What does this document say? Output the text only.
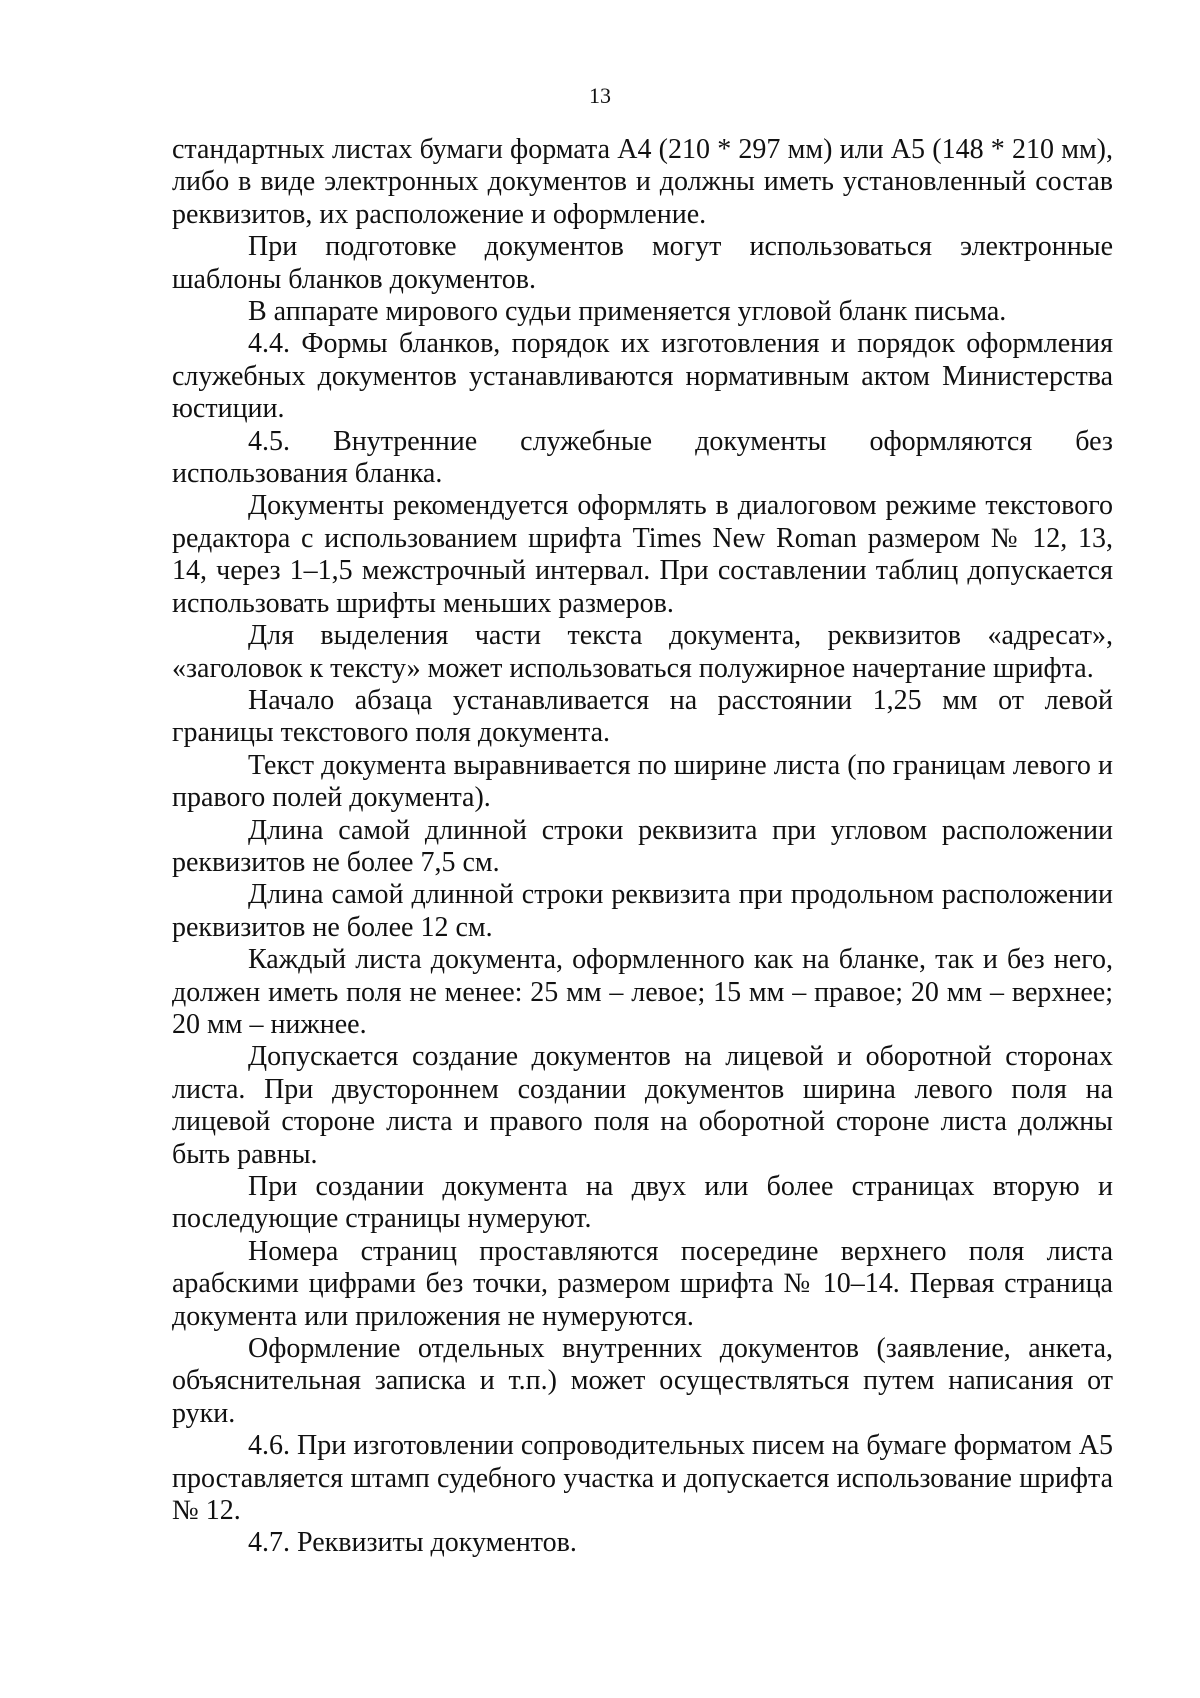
13

стандартных листах бумаги формата А4 (210 * 297 мм) или А5 (148 * 210 мм), либо в виде электронных документов и должны иметь установленный состав реквизитов, их расположение и оформление.

При подготовке документов могут использоваться электронные шаблоны бланков документов.

В аппарате мирового судьи применяется угловой бланк письма.

4.4. Формы бланков, порядок их изготовления и порядок оформления служебных документов устанавливаются нормативным актом Министерства юстиции.

4.5. Внутренние служебные документы оформляются без использования бланка.

Документы рекомендуется оформлять в диалоговом режиме текстового редактора с использованием шрифта Times New Roman размером № 12, 13, 14, через 1–1,5 межстрочный интервал. При составлении таблиц допускается использовать шрифты меньших размеров.

Для выделения части текста документа, реквизитов «адресат», «заголовок к тексту» может использоваться полужирное начертание шрифта.

Начало абзаца устанавливается на расстоянии 1,25 мм от левой границы текстового поля документа.

Текст документа выравнивается по ширине листа (по границам левого и правого полей документа).

Длина самой длинной строки реквизита при угловом расположении реквизитов не более 7,5 см.

Длина самой длинной строки реквизита при продольном расположении реквизитов не более 12 см.

Каждый листа документа, оформленного как на бланке, так и без него, должен иметь поля не менее: 25 мм – левое; 15 мм – правое; 20 мм – верхнее; 20 мм – нижнее.

Допускается создание документов на лицевой и оборотной сторонах листа. При двустороннем создании документов ширина левого поля на лицевой стороне листа и правого поля на оборотной стороне листа должны быть равны.

При создании документа на двух или более страницах вторую и последующие страницы нумеруют.

Номера страниц проставляются посередине верхнего поля листа арабскими цифрами без точки, размером шрифта № 10–14. Первая страница документа или приложения не нумеруются.

Оформление отдельных внутренних документов (заявление, анкета, объяснительная записка и т.п.) может осуществляться путем написания от руки.

4.6. При изготовлении сопроводительных писем на бумаге форматом А5 проставляется штамп судебного участка и допускается использование шрифта № 12.

4.7. Реквизиты документов.
